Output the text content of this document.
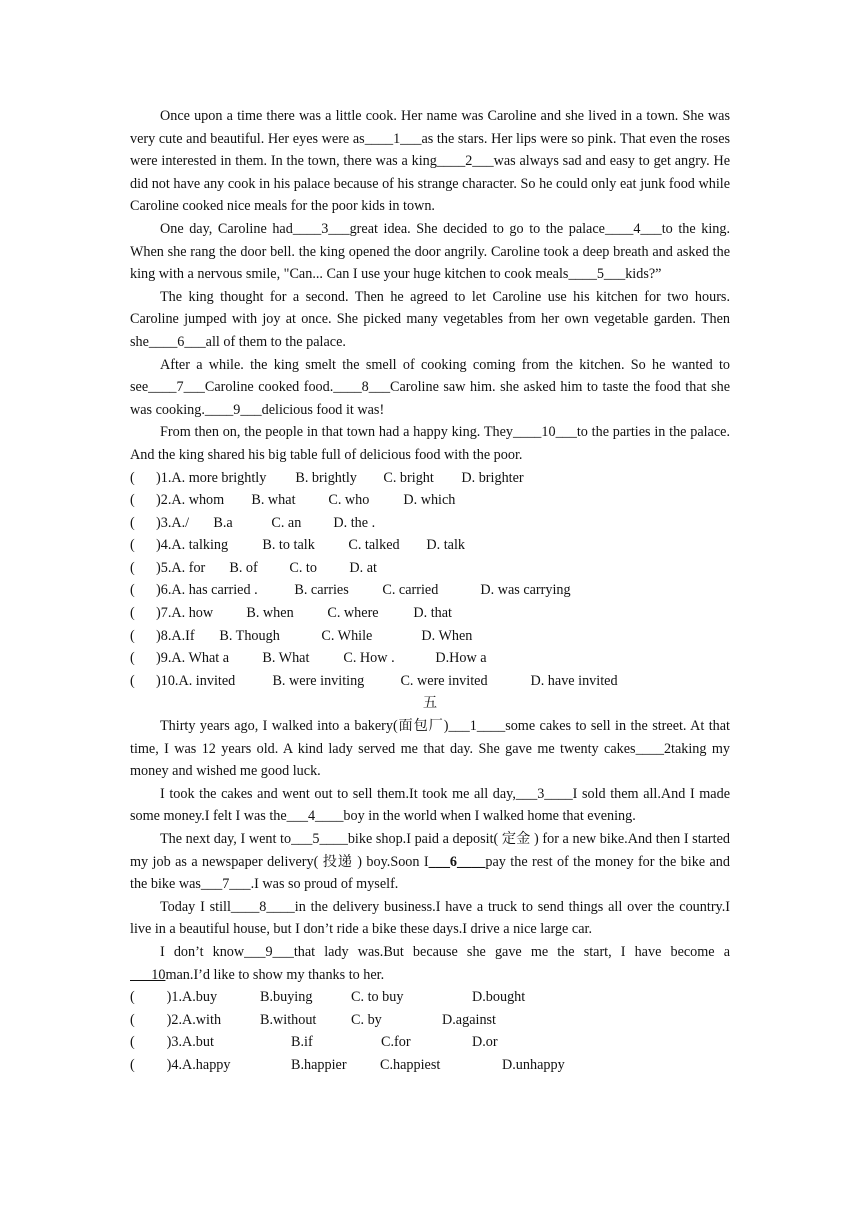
Once upon a time there was a little cook. Her name was Caroline and she lived in a town. She was very cute and beautiful. Her eyes were as____1___as the stars. Her lips were so pink. That even the roses were interested in them. In the town, there was a king____2___was always sad and easy to get angry. He did not have any cook in his palace because of his strange character. So he could only eat junk food while Caroline cooked nice meals for the poor kids in town.

One day, Caroline had____3___great idea. She decided to go to the palace____4___to the king. When she rang the door bell. the king opened the door angrily. Caroline took a deep breath and asked the king with a nervous smile, "Can... Can I use your huge kitchen to cook meals____5___kids?”

The king thought for a second. Then he agreed to let Caroline use his kitchen for two hours. Caroline jumped with joy at once. She picked many vegetables from her own vegetable garden. Then she____6___all of them to the palace.

After a while. the king smelt the smell of cooking coming from the kitchen. So he wanted to see____7___Caroline cooked food.____8___Caroline saw him. she asked him to taste the food that she was cooking.____9___delicious food it was!

From then on, the people in that town had a happy king. They____10___to the parties in the palace. And the king shared his big table full of delicious food with the poor.

(      )1.A. more brightly B. brightly C. bright D. brighter

(      )2.A. whom B. what C. who D. which

(      )3.A./ B.a	C. an D. the .

(      )4.A. talking B. to talk C. talked D. talk

(      )5.A. for B. of C. to D. at

(      )6.A. has carried .	B. carries C. carried	D. was carrying

(      )7.A. how B. when C. where D. that

(      )8.A.If B. Though	C. While	D. When

(      )9.A. What a B. What C. How .	D.How a

(      )10.A. invited	B. were inviting	C. were invited	D. have invited

五

Thirty years ago, I walked into a bakery(面包厂)___1____some cakes to sell in the street. At that time, I was 12 years old. A kind lady served me that day. She gave me twenty cakes____2taking my money and wished me good luck.

I took the cakes and went out to sell them.It took me all day,___3____I sold them all.And I made some money.I felt I was the___4____boy in the world when I walked home that evening.

The next day, I went to___5____bike shop.I paid a deposit( 定金 ) for a new bike.And then I started my job as a newspaper delivery( 投递 ) boy.Soon I___6____pay the rest of the money for the bike and the bike was___7___.I was so proud of myself.

Today I still____8____in the delivery business.I have a truck to send things all over the country.I live in a beautiful house, but I don’t ride a bike these days.I drive a nice large car.

I don’t know___9___that lady was.But because she gave me the start, I have become a      10man.I’d like to show my thanks to her.

(         )1.A.buy	B.buying	C. to buy	D.bought

(         )2.A.with	B.without C. by	D.against

(         )3.A.but	B.if	C.for	D.or

(         )4.A.happy	B.happier C.happiest	D.unhappy
